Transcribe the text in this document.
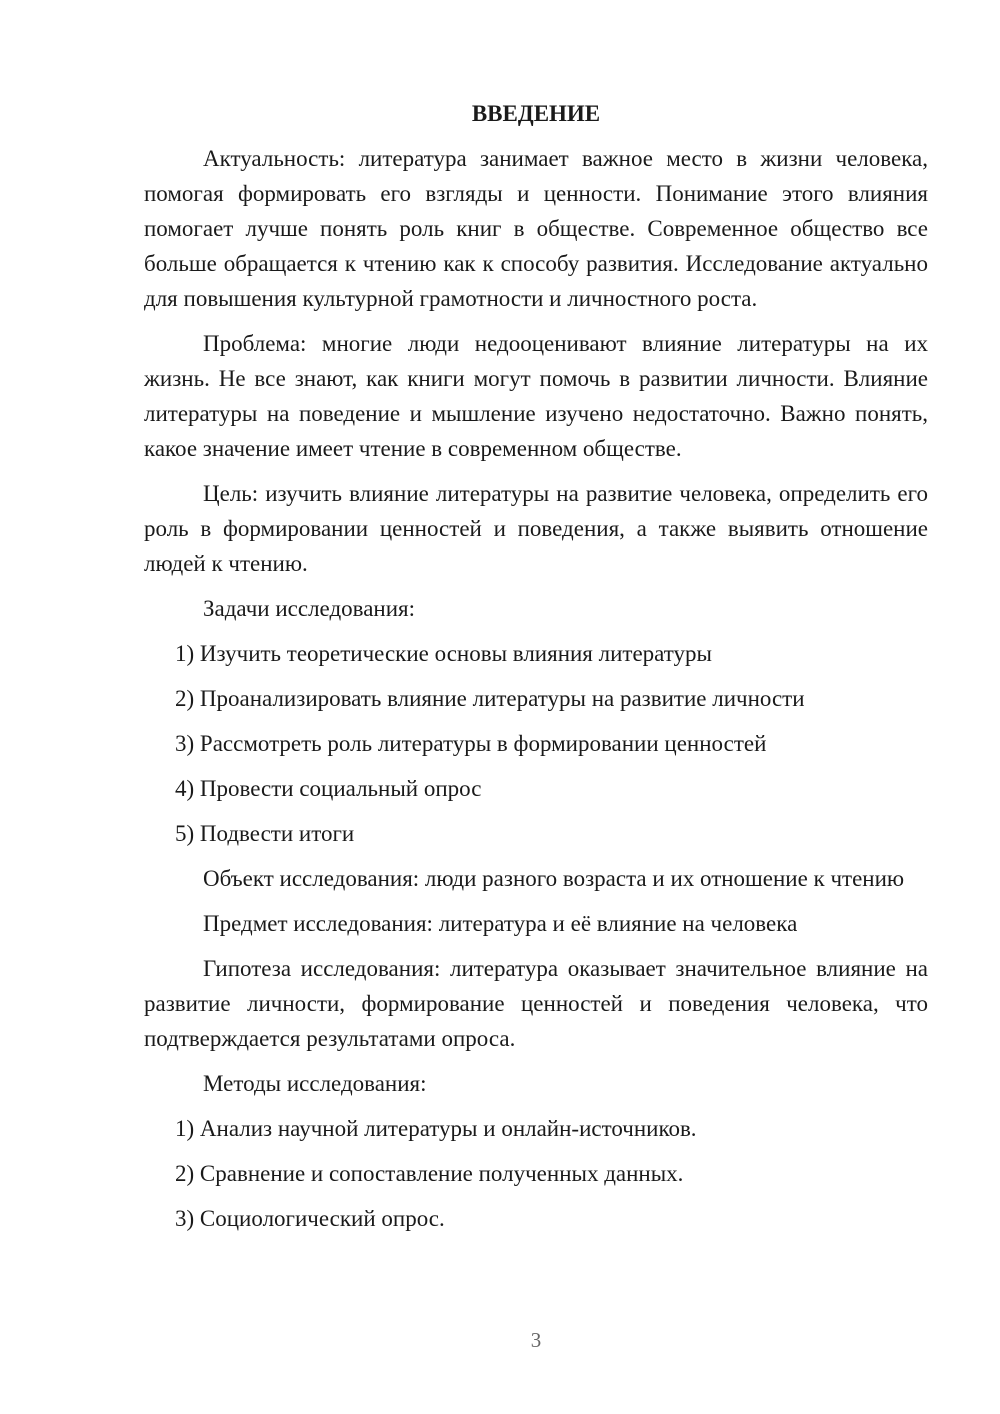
ВВЕДЕНИЕ
Актуальность: литература занимает важное место в жизни человека, помогая формировать его взгляды и ценности. Понимание этого влияния помогает лучше понять роль книг в обществе. Современное общество все больше обращается к чтению как к способу развития. Исследование актуально для повышения культурной грамотности и личностного роста.
Проблема: многие люди недооценивают влияние литературы на их жизнь. Не все знают, как книги могут помочь в развитии личности. Влияние литературы на поведение и мышление изучено недостаточно. Важно понять, какое значение имеет чтение в современном обществе.
Цель: изучить влияние литературы на развитие человека, определить его роль в формировании ценностей и поведения, а также выявить отношение людей к чтению.
Задачи исследования:
1) Изучить теоретические основы влияния литературы
2) Проанализировать влияние литературы на развитие личности
3) Рассмотреть роль литературы в формировании ценностей
4) Провести социальный опрос
5) Подвести итоги
Объект исследования: люди разного возраста и их отношение к чтению
Предмет исследования: литература и её влияние на человека
Гипотеза исследования: литература оказывает значительное влияние на развитие личности, формирование ценностей и поведения человека, что подтверждается результатами опроса.
Методы исследования:
1) Анализ научной литературы и онлайн-источников.
2) Сравнение и сопоставление полученных данных.
3) Социологический опрос.
3
